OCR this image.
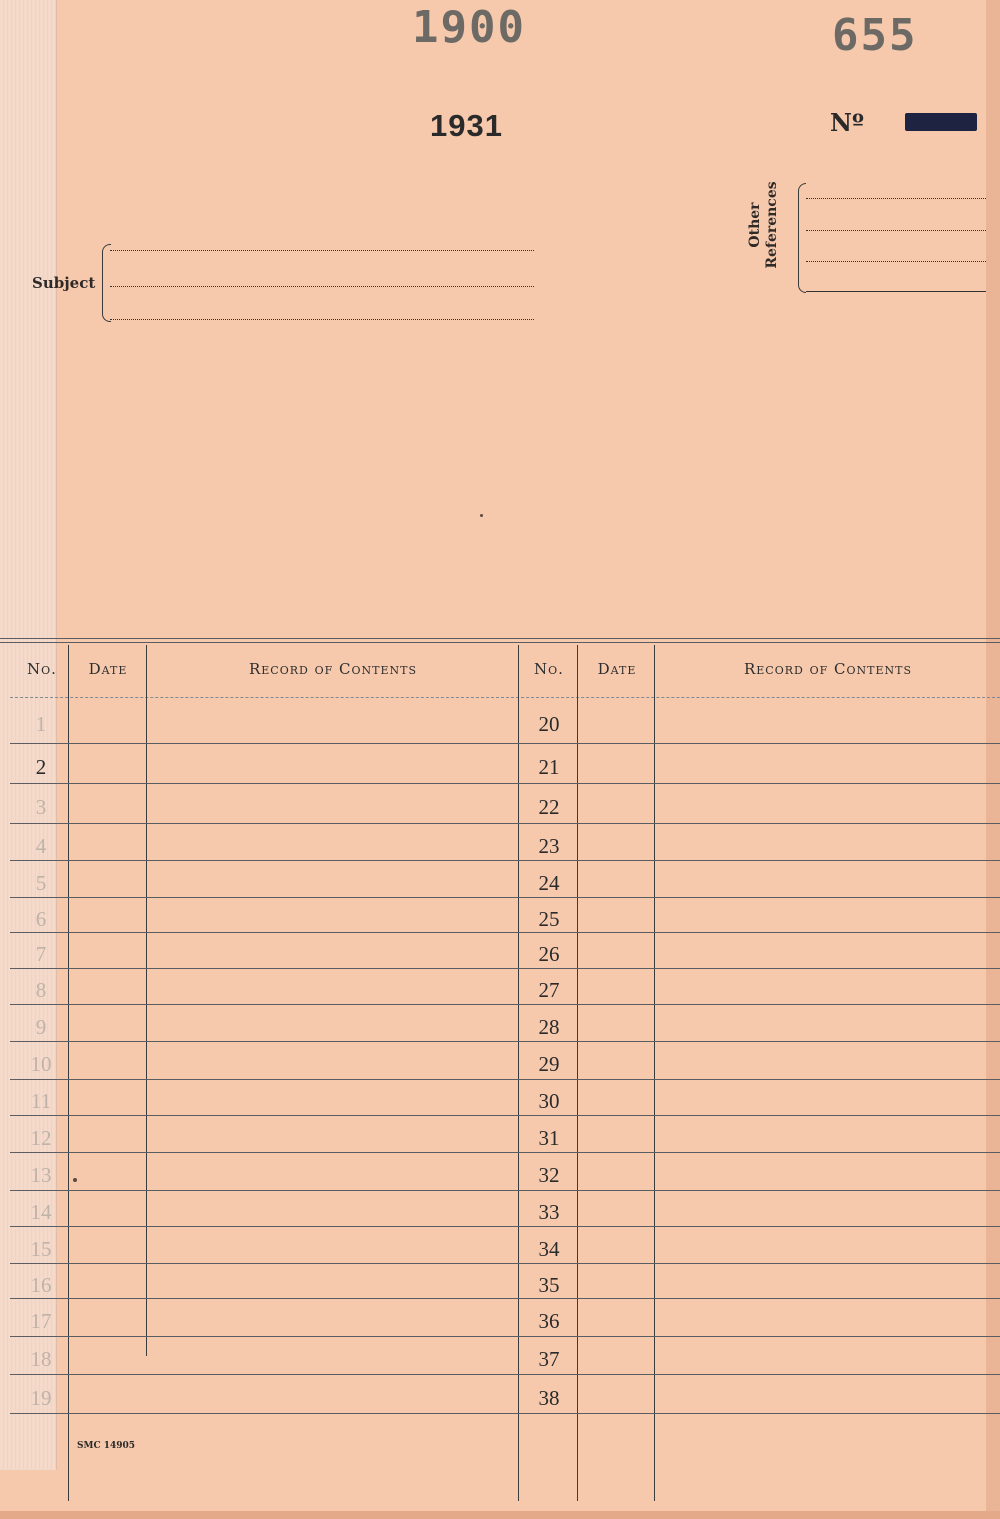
1900	655
1931	Nº
Subject
Other References
No.	Date	Record of Contents	No.	Date	Record of Contents
1	20
2	21
3	22
4	23
5	24
6	25
7	26
8	27
9	28
10	29
11	30
12	31
13	32
14	33
15	34
16	35
17	36
18	37
19	38
SMC 14905
